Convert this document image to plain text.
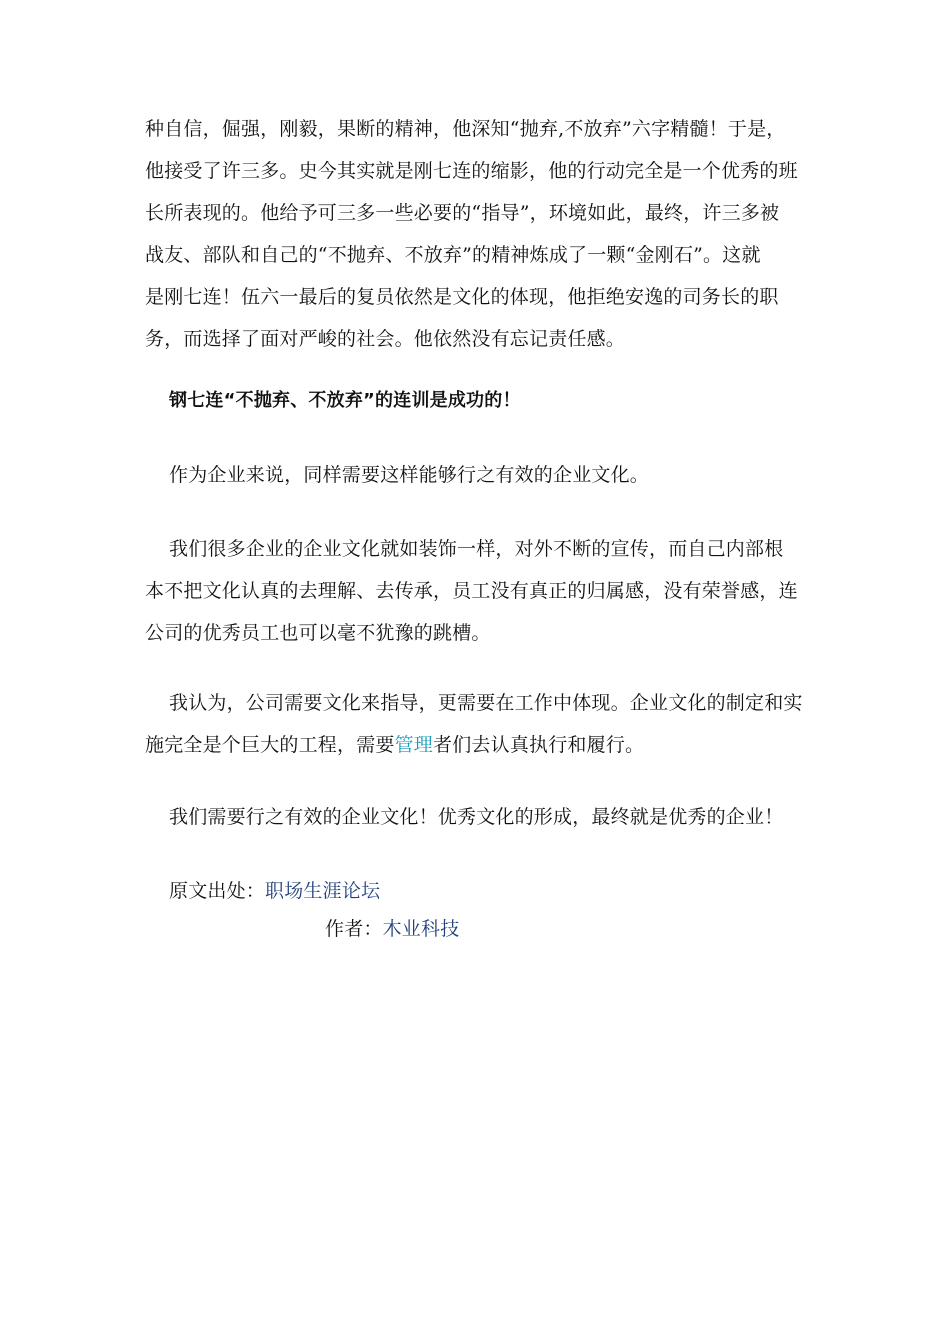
种自信，倔强，刚毅，果断的精神，他深知“抛弃,不放弃”六字精髓！于是，
他接受了许三多。史今其实就是刚七连的缩影，他的行动完全是一个优秀的班
长所表现的。他给予可三多一些必要的“指导”，环境如此，最终，许三多被
战友、部队和自己的“不抛弃、不放弃”的精神炼成了一颗“金刚石”。这就
是刚七连！伍六一最后的复员依然是文化的体现，他拒绝安逸的司务长的职
务，而选择了面对严峻的社会。他依然没有忘记责任感。
钢七连“不抛弃、不放弃”的连训是成功的！
作为企业来说，同样需要这样能够行之有效的企业文化。
我们很多企业的企业文化就如装饰一样，对外不断的宣传，而自己内部根
本不把文化认真的去理解、去传承，员工没有真正的归属感，没有荣誉感，连
公司的优秀员工也可以毫不犹豫的跳槽。
我认为，公司需要文化来指导，更需要在工作中体现。企业文化的制定和实
施完全是个巨大的工程，需要管理者们去认真执行和履行。
我们需要行之有效的企业文化！优秀文化的形成，最终就是优秀的企业！
原文出处：职场生涯论坛
作者：木业科技
